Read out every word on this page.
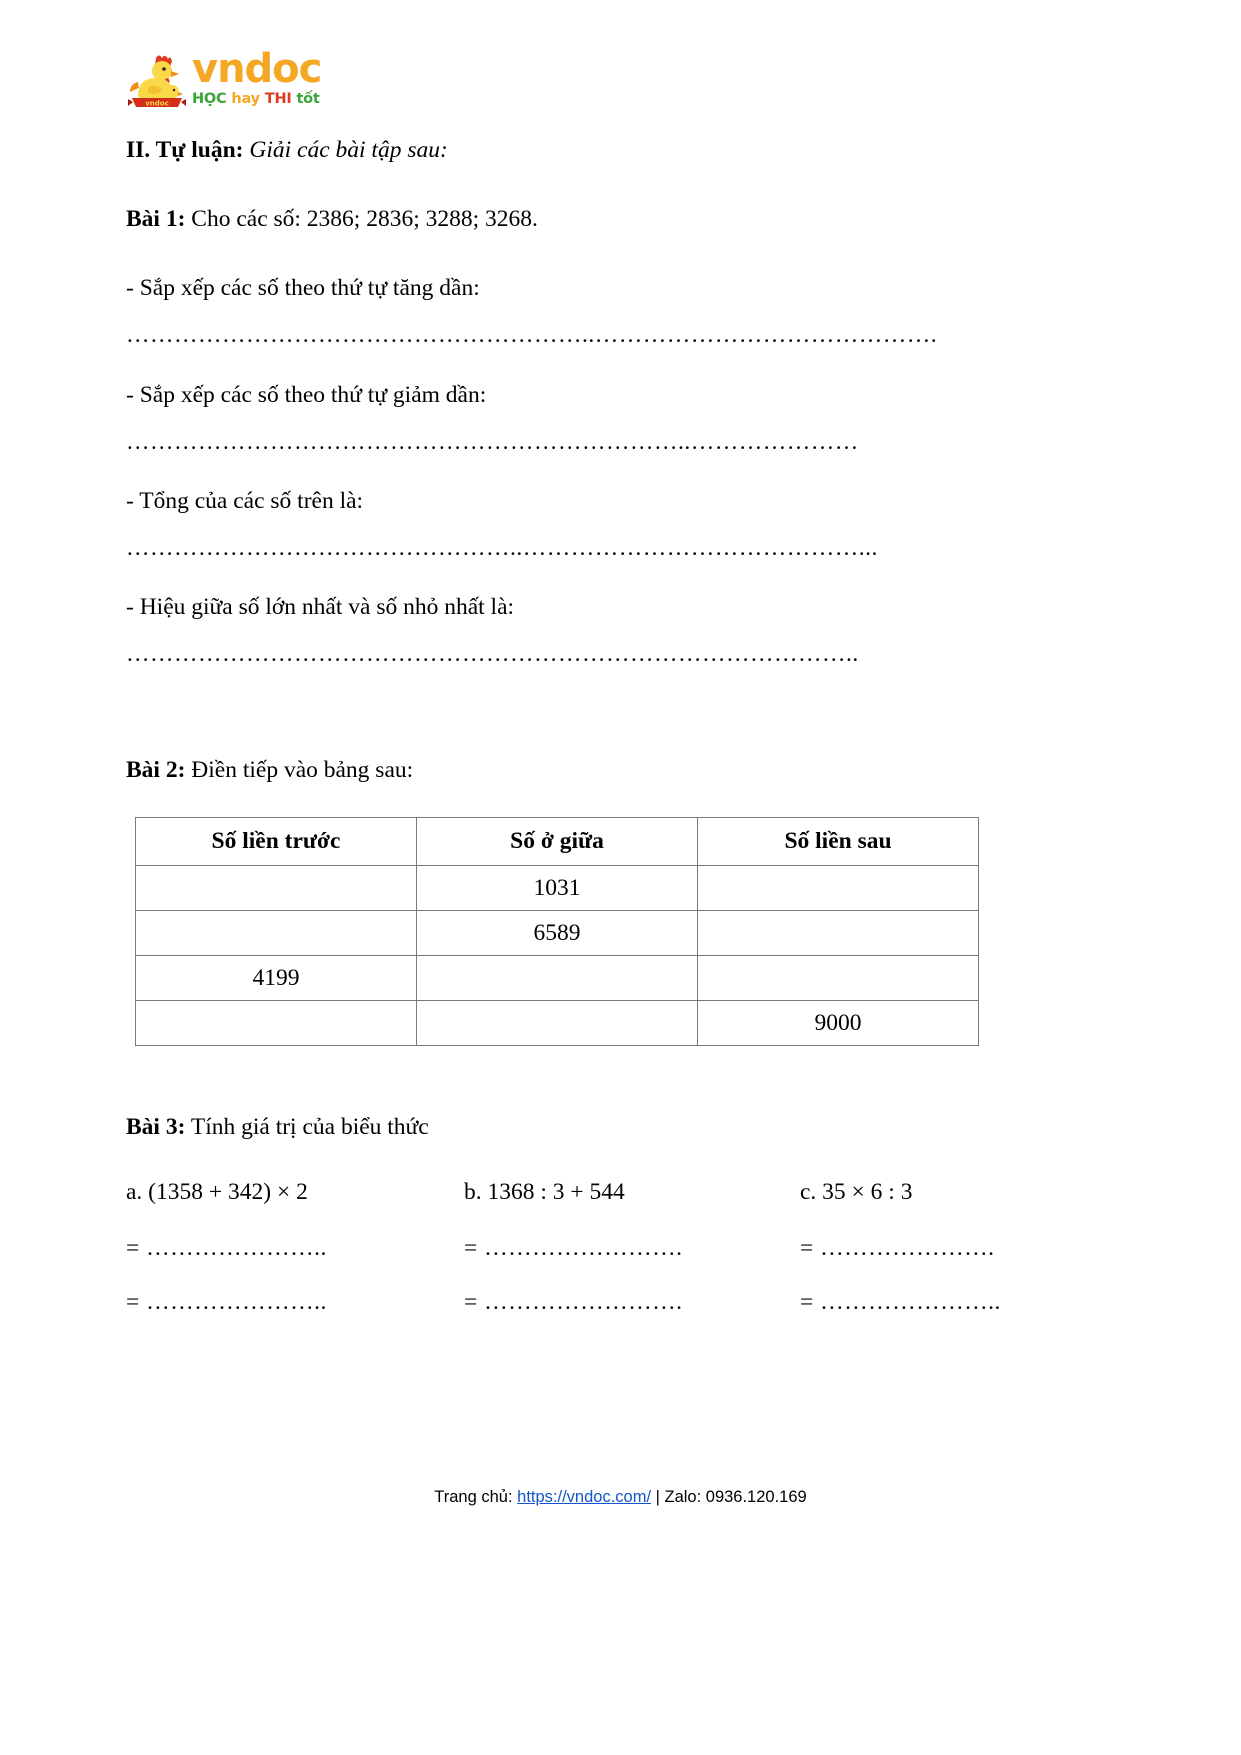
vndoc
vndoc
HỌC hay THI tốt
II. Tự luận: Giải các bài tập sau:
Bài 1: Cho các số: 2386; 2836; 3288; 3268.
- Sắp xếp các số theo thứ tự tăng dần:
…………………………………………………..…………………………………….
- Sắp xếp các số theo thứ tự giảm dần:
……………………………………………………………..…………………
- Tổng của các số trên là:
…………………………………………..……………………………………...
- Hiệu giữa số lớn nhất và số nhỏ nhất là:
………………………………………………………………………………..
Bài 2: Điền tiếp vào bảng sau:
Số liền trước	Số ở giữa	Số liền sau
	1031	
	6589	
4199		
		9000
Bài 3: Tính giá trị của biểu thức
a. (1358 + 342) × 2	b. 1368 : 3 + 544	c. 35 × 6 : 3
= …………………..	= …………………….	= ………………….
= …………………..	= …………………….	= …………………..
Trang chủ: https://vndoc.com/ | Zalo: 0936.120.169
